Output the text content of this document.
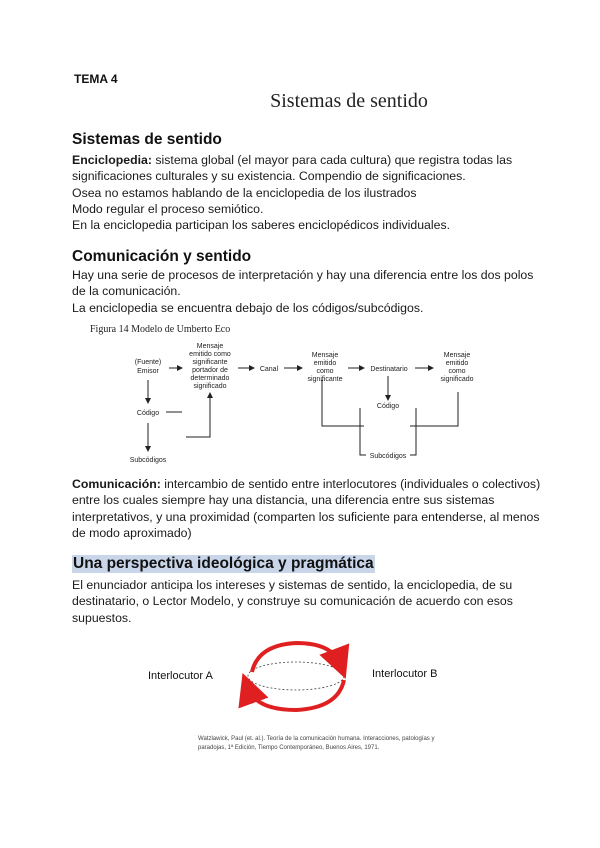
TEMA 4
Sistemas de sentido
Sistemas de sentido
Enciclopedia: sistema global (el mayor para cada cultura) que registra todas las significaciones culturales y su existencia. Compendio de significaciones.
Osea no estamos hablando de la enciclopedia de los ilustrados
Modo regular el proceso semiótico.
En la enciclopedia participan los saberes enciclopédicos individuales.
Comunicación y sentido
Hay una serie de procesos de interpretación y hay una diferencia entre los dos polos de la comunicación.
La enciclopedia se encuentra debajo de los códigos/subcódigos.
Figura 14 Modelo de Umberto Eco
(Fuente)
Emisor
Mensaje
emitido como
significante
portador de
determinado
significado
Canal
Mensaje
emitido
como
significante
Destinatario
Mensaje
emitido
como
significado
Código
Subcódigos
Código
Subcódigos
Comunicación: intercambio de sentido entre interlocutores (individuales o colectivos) entre los cuales siempre hay una distancia, una diferencia entre sus sistemas interpretativos, y una proximidad (comparten los suficiente para entenderse, al menos de modo aproximado)
Una perspectiva ideológica y pragmática
El enunciador anticipa los intereses y sistemas de sentido, la enciclopedia, de su destinatario, o Lector Modelo, y construye su comunicación de acuerdo con esos supuestos.
Interlocutor A	Interlocutor B
Watzlawick, Paul (et. al.). Teoría de la comunicación humana. Interacciones, patologías y paradojas, 1ª Edición, Tiempo Contemporáneo, Buenos Aires, 1971.
